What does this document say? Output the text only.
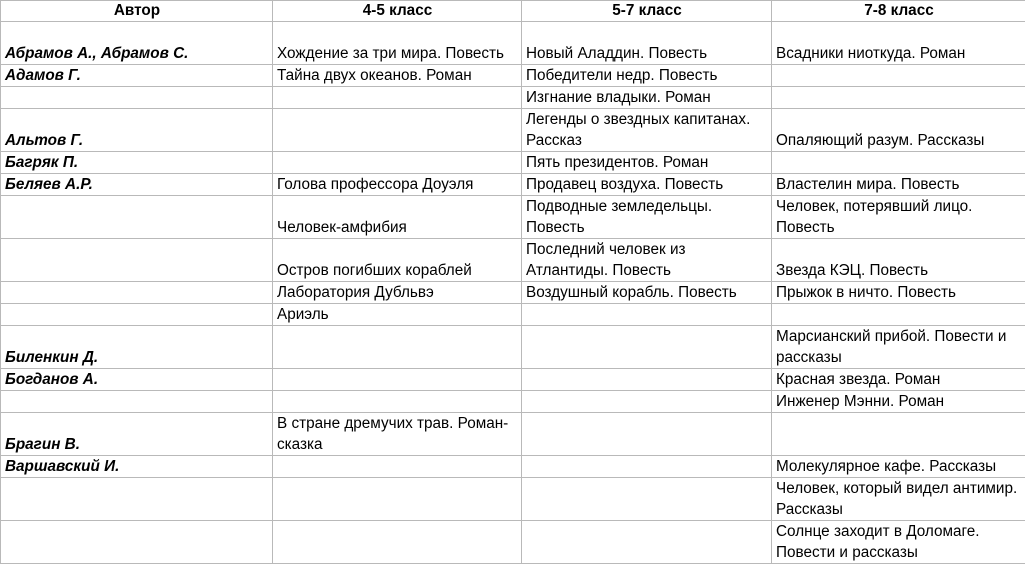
Автор	4-5 класс	5-7 класс	7-8 класс
Абрамов А., Абрамов С.	Хождение за три мира. Повесть	Новый Аладдин. Повесть	Всадники ниоткуда. Роман
Адамов Г.	Тайна двух океанов. Роман	Победители недр. Повесть	
		Изгнание владыки. Роман	
Альтов Г.		Легенды о звездных капитанах. Рассказ	Опаляющий разум. Рассказы
Багряк П.		Пять президентов. Роман	
Беляев А.Р.	Голова профессора Доуэля	Продавец воздуха. Повесть	Властелин мира. Повесть
	Человек-амфибия	Подводные земледельцы. Повесть	Человек, потерявший лицо. Повесть
	Остров погибших кораблей	Последний человек из Атлантиды. Повесть	Звезда КЭЦ. Повесть
	Лаборатория Дубльвэ	Воздушный корабль. Повесть	Прыжок в ничто. Повесть
	Ариэль		
Биленкин Д.			Марсианский прибой. Повести и рассказы
Богданов А.			Красная звезда. Роман
			Инженер Мэнни. Роман
Брагин В.	В стране дремучих трав. Роман-сказка		
Варшавский И.			Молекулярное кафе. Рассказы
			Человек, который видел антимир. Рассказы
			Солнце заходит в Доломаге. Повести и рассказы
